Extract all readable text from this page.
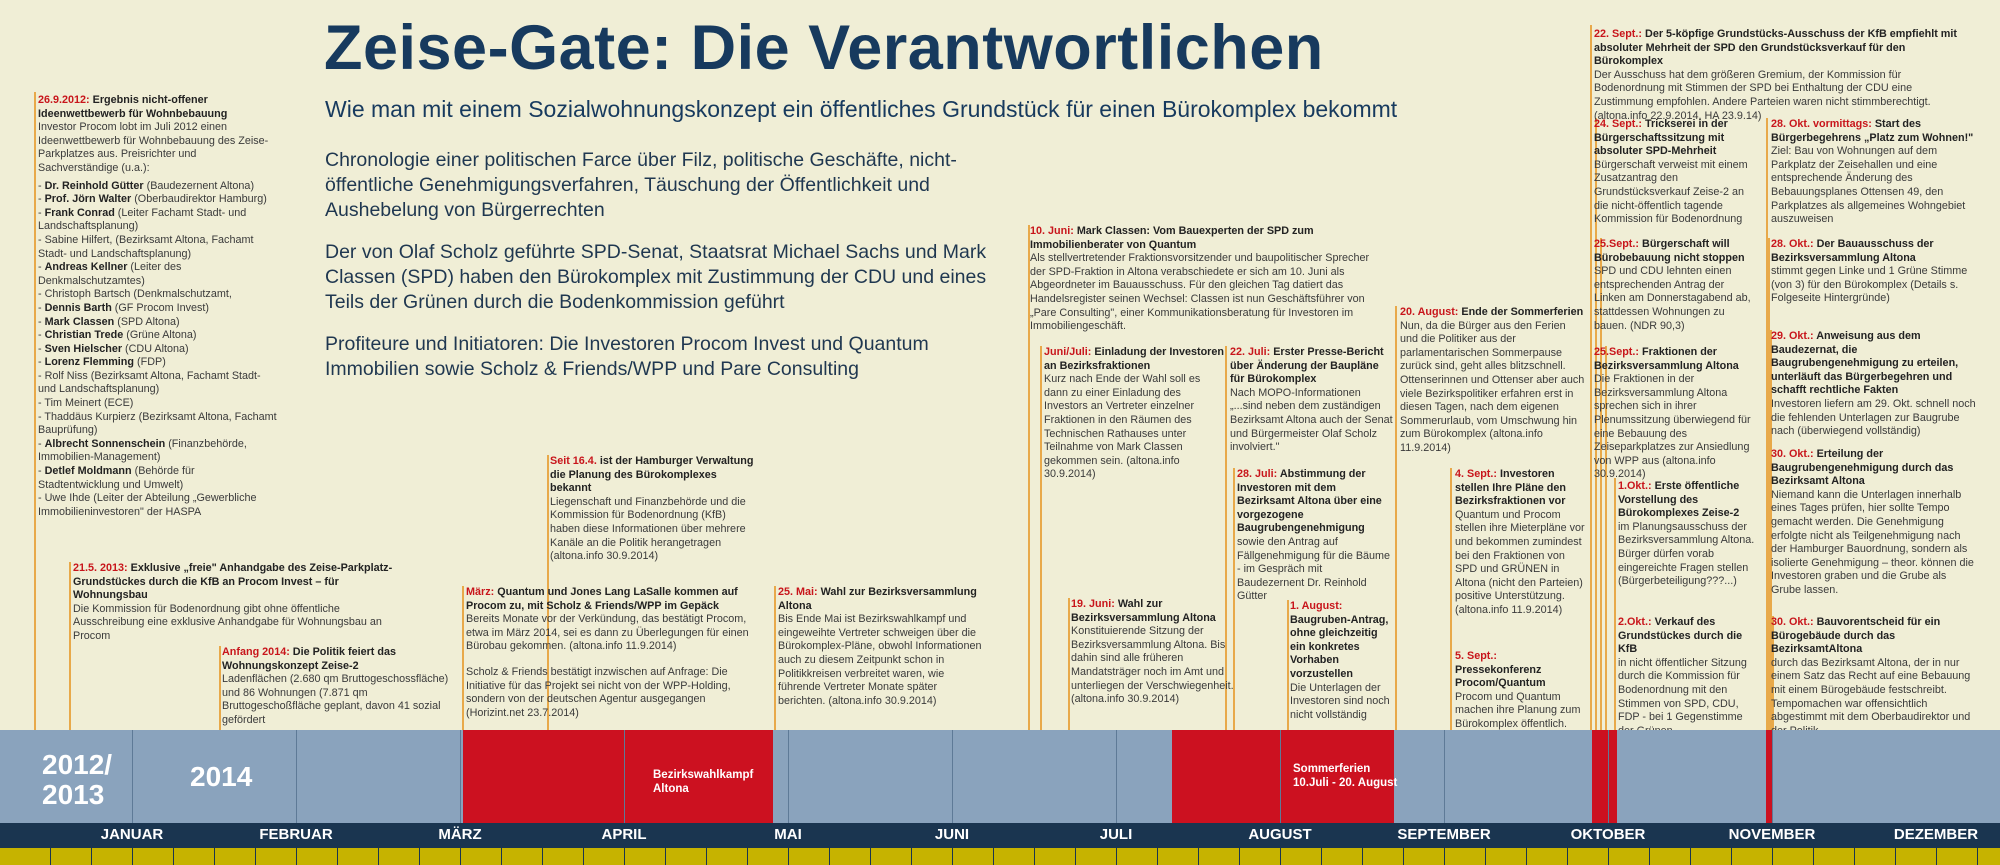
Zeise-Gate: Die Verantwortlichen
Wie man mit einem Sozialwohnungskonzept ein öffentliches Grundstück für einen Bürokomplex bekommt
Chronologie einer politischen Farce über Filz, politische Geschäfte, nicht-öffentliche Genehmigungsverfahren, Täuschung der Öffentlichkeit und Aushebelung von Bürgerrechten
Der von Olaf Scholz geführte SPD-Senat, Staatsrat Michael Sachs und Mark Classen (SPD) haben den Bürokomplex mit Zustimmung der CDU und eines Teils der Grünen durch die Bodenkommission geführt
Profiteure und Initiatoren: Die Investoren Procom Invest und Quantum Immobilien sowie Scholz & Friends/WPP und Pare Consulting
26.9.2012: Ergebnis nicht-offener Ideenwettbewerb für Wohnbebauung
Investor Procom lobt im Juli 2012 einen Ideenwettbewerb für Wohnbebauung des Zeise-Parkplatzes aus. Preisrichter und Sachverständige (u.a.):
- Dr. Reinhold Gütter (Baudezernent Altona)
- Prof. Jörn Walter (Oberbaudirektor Hamburg)
- Frank Conrad (Leiter Fachamt Stadt- und Landschaftsplanung)
- Sabine Hilfert, (Bezirksamt Altona, Fachamt Stadt- und Landschaftsplanung)
- Andreas Kellner (Leiter des Denkmalschutzamtes)
- Christoph Bartsch (Denkmalschutzamt,
- Dennis Barth (GF Procom Invest)
- Mark Classen (SPD Altona)
- Christian Trede (Grüne Altona)
- Sven Hielscher (CDU Altona)
- Lorenz Flemming (FDP)
- Rolf Niss (Bezirksamt Altona, Fachamt Stadt- und Landschaftsplanung)
- Tim Meinert (ECE)
- Thaddäus Kurpierz (Bezirksamt Altona, Fachamt Bauprüfung)
- Albrecht Sonnenschein (Finanzbehörde, Immobilien-Management)
- Detlef Moldmann (Behörde für Stadtentwicklung und Umwelt)
- Uwe Ihde (Leiter der Abteilung „Gewerbliche Immobilieninvestoren" der HASPA
21.5. 2013: Exklusive „freie" Anhandgabe des Zeise-Parkplatz-Grundstückes durch die KfB an Procom Invest – für Wohnungsbau
Die Kommission für Bodenordnung gibt ohne öffentliche Ausschreibung eine exklusive Anhandgabe für Wohnungsbau an Procom
Anfang 2014: Die Politik feiert das Wohnungskonzept Zeise-2
Ladenflächen (2.680 qm Bruttogeschossfläche) und 86 Wohnungen (7.871 qm Bruttogeschoßfläche geplant, davon 41 sozial gefördert
Seit 16.4. ist der Hamburger Verwaltung die Planung des Bürokomplexes bekannt
Liegenschaft und Finanzbehörde und die Kommission für Bodenordnung (KfB) haben diese Informationen über mehrere Kanäle an die Politik herangetragen (altona.info 30.9.2014)
März: Quantum und Jones Lang LaSalle kommen auf Procom zu, mit Scholz & Friends/WPP im Gepäck
Bereits Monate vor der Verkündung, das bestätigt Procom, etwa im März 2014, sei es dann zu Überlegungen für einen Bürobau gekommen. (altona.info 11.9.2014)
Scholz & Friends bestätigt inzwischen auf Anfrage: Die Initiative für das Projekt sei nicht von der WPP-Holding, sondern von der deutschen Agentur ausgegangen (Horizint.net 23.7.2014)
25. Mai: Wahl zur Bezirksversammlung Altona
Bis Ende Mai ist Bezirkswahlkampf und eingeweihte Vertreter schweigen über die Bürokomplex-Pläne, obwohl Informationen auch zu diesem Zeitpunkt schon in Politikkreisen verbreitet waren, wie führende Vertreter Monate später berichten. (altona.info 30.9.2014)
10. Juni: Mark Classen: Vom Bauexperten der SPD zum Immobilienberater von Quantum
Als stellvertretender Fraktionsvorsitzender und baupolitischer Sprecher der SPD-Fraktion in Altona verabschiedete er sich am 10. Juni als Abgeordneter im Bauausschuss. Für den gleichen Tag datiert das Handelsregister seinen Wechsel: Classen ist nun Geschäftsführer von „Pare Consulting", einer Kommunikationsberatung für Investoren im Immobiliengeschäft.
Juni/Juli: Einladung der Investoren an Bezirksfraktionen
Kurz nach Ende der Wahl soll es dann zu einer Einladung des Investors an Vertreter einzelner Fraktionen in den Räumen des Technischen Rathauses unter Teilnahme von Mark Classen gekommen sein. (altona.info 30.9.2014)
19. Juni: Wahl zur Bezirksversammlung Altona
Konstituierende Sitzung der Bezirksversammlung Altona. Bis dahin sind alle früheren Mandatsträger noch im Amt und unterliegen der Verschwiegenheit. (altona.info 30.9.2014)
22. Juli: Erster Presse-Bericht über Änderung der Baupläne für Bürokomplex
Nach MOPO-Informationen „...sind neben dem zuständigen Bezirksamt Altona auch der Senat und Bürgermeister Olaf Scholz involviert."
28. Juli: Abstimmung der Investoren mit dem Bezirksamt Altona über eine vorgezogene Baugrubengenehmigung
sowie den Antrag auf Fällgenehmigung für die Bäume - im Gespräch mit Baudezernent Dr. Reinhold Gütter
1. August: Baugruben-Antrag, ohne gleichzeitig ein konkretes Vorhaben vorzustellen
Die Unterlagen der Investoren sind noch nicht vollständig
20. August: Ende der Sommerferien
Nun, da die Bürger aus den Ferien und die Politiker aus der parlamentarischen Sommerpause zurück sind, geht alles blitzschnell. Ottenserinnen und Ottenser aber auch viele Bezirkspolitiker erfahren erst in diesen Tagen, nach dem eigenen Sommerurlaub, vom Umschwung hin zum Bürokomplex (altona.info 11.9.2014)
4. Sept.: Investoren stellen Ihre Pläne den Bezirksfraktionen vor
Quantum und Procom stellen ihre Mieterpläne vor und bekommen zumindest bei den Fraktionen von SPD und GRÜNEN in Altona (nicht den Parteien) positive Unterstützung. (altona.info 11.9.2014)
5. Sept.: Pressekonferenz Procom/Quantum
Procom und Quantum machen ihre Planung zum Bürokomplex öffentlich.
22. Sept.: Der 5-köpfige Grundstücks-Ausschuss der KfB empfiehlt mit absoluter Mehrheit der SPD den Grundstücksverkauf für den Bürokomplex
Der Ausschuss hat dem größeren Gremium, der Kommission für Bodenordnung mit Stimmen der SPD bei Enthaltung der CDU eine Zustimmung empfohlen. Andere Parteien waren nicht stimmberechtigt. (altona.info 22.9.2014, HA 23.9.14)
24. Sept.: Trickserei in der Bürgerschaftssitzung mit absoluter SPD-Mehrheit
Bürgerschaft verweist mit einem Zusatzantrag den Grundstücksverkauf Zeise-2 an die nicht-öffentlich tagende Kommission für Bodenordnung
25.Sept.: Bürgerschaft will Bürobebauung nicht stoppen
SPD und CDU lehnten einen entsprechenden Antrag der Linken am Donnerstagabend ab, stattdessen Wohnungen zu bauen. (NDR 90,3)
25.Sept.: Fraktionen der Bezirksversammlung Altona
Die Fraktionen in der Bezirksversammlung Altona sprechen sich in ihrer Plenumssitzung überwiegend für eine Bebauung des Zeiseparkplatzes zur Ansiedlung von WPP aus (altona.info 30.9.2014)
1.Okt.: Erste öffentliche Vorstellung des Bürokomplexes Zeise-2
im Planungsausschuss der Bezirksversammlung Altona. Bürger dürfen vorab eingereichte Fragen stellen (Bürgerbeteiligung???...)
2.Okt.: Verkauf des Grundstückes durch die KfB
in nicht öffentlicher Sitzung durch die Kommission für Bodenordnung mit den Stimmen von SPD, CDU, FDP - bei 1 Gegenstimme
28. Okt. vormittags: Start des Bürgerbegehrens „Platz zum Wohnen!"
Ziel: Bau von Wohnungen auf dem Parkplatz der Zeisehallen und eine entsprechende Änderung des Bebauungsplanes Ottensen 49, den Parkplatzes als allgemeines Wohngebiet auszuweisen
28. Okt.: Der Bauausschuss der Bezirksversammlung Altona
stimmt gegen Linke und 1 Grüne Stimme (von 3) für den Bürokomplex (Details s. Folgeseite Hintergründe)
29. Okt.: Anweisung aus dem Baudezernat, die Baugrubengenehmigung zu erteilen, unterläuft das Bürgerbegehren und schafft rechtliche Fakten
Investoren liefern am 29. Okt. schnell noch die fehlenden Unterlagen zur Baugrube nach (überwiegend vollständig)
30. Okt.: Erteilung der Baugrubengenehmigung durch das Bezirksamt Altona
Niemand kann die Unterlagen innerhalb eines Tages prüfen, hier sollte Tempo gemacht werden. Die Genehmigung erfolgte nicht als Teilgenehmigung nach der Hamburger Bauordnung, sondern als isolierte Genehmigung – theor. können die Investoren graben und die Grube als Grube lassen.
30. Okt.: Bauvorentscheid für ein Bürogebäude durch das BezirksamtAltona
durch das Bezirksamt Altona, der in nur einem Satz das Recht auf eine Bebauung mit einem Bürogebäude festschreibt. Tempomachen war offensichtlich abgestimmt mit dem Oberbaudirektor und
2012/
2013
2014	Bezirkswahlkampf
Altona
Sommerferien
10.Juli - 20. August
JANUAR	FEBRUAR	MÄRZ	APRIL	MAI	JUNI	JULI	AUGUST	SEPTEMBER	OKTOBER	NOVEMBER	DEZEMBER
